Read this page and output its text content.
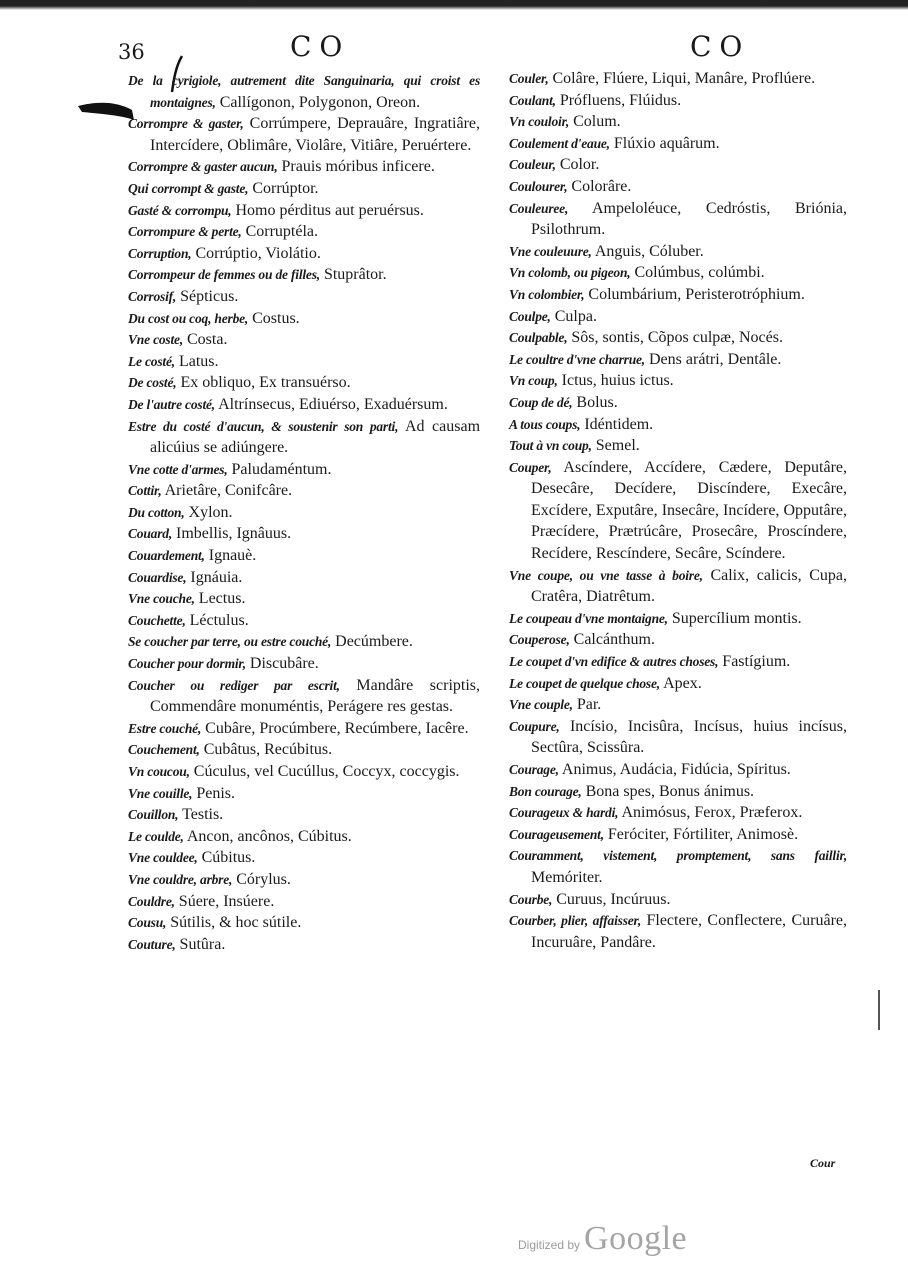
36	CO	CO

De la cyrigiole, autrement dite Sanguinaria, qui croist es montaignes, Callígonon, Polygonon, Oreon.

Corrompre & gaster, Corrúmpere, Deprauâre, Ingratiâre, Intercídere, Oblimâre, Violâre, Vitiâre, Peruértere.

Corrompre & gaster aucun, Prauis móribus inficere.

Qui corrompt & gaste, Corrúptor.

Gasté & corrompu, Homo pérditus aut peruérsus.

Corrompure & perte, Corruptéla.

Corruption, Corrúptio, Violátio.

Corrompeur de femmes ou de filles, Stuprâtor.

Corrosif, Sépticus.

Du cost ou coq, herbe, Costus.

Vne coste, Costa.

Le costé, Latus.

De costé, Ex obliquo, Ex transuérso.

De l'autre costé, Altrínsecus, Ediuérso, Exaduérsum.

Estre du costé d'aucun, & soustenir son parti, Ad causam alicúius se adiúngere.

Vne cotte d'armes, Paludaméntum.

Cottir, Arietâre, Conifcâre.

Du cotton, Xylon.

Couard, Imbellis, Ignâuus.

Couardement, Ignauè.

Couardise, Ignáuia.

Vne couche, Lectus.

Couchette, Léctulus.

Se coucher par terre, ou estre couché, Decúmbere.

Coucher pour dormir, Discubâre.

Coucher ou rediger par escrit, Mandâre scriptis, Commendâre monuméntis, Perágere res gestas.

Estre couché, Cubâre, Procúmbere, Recúmbere, Iacêre.

Couchement, Cubâtus, Recúbitus.

Vn coucou, Cúculus, vel Cucúllus, Coccyx, coccygis.

Vne couille, Penis.

Couillon, Testis.

Le coulde, Ancon, ancônos, Cúbitus.

Vne couldee, Cúbitus.

Vne couldre, arbre, Córylus.

Couldre, Súere, Insúere.

Cousu, Sútilis, & hoc sútile.

Couture, Sutûra.

Couler, Colâre, Flúere, Liqui, Manâre, Proflúere.

Coulant, Prófluens, Flúidus.

Vn couloir, Colum.

Coulement d'eaue, Flúxio aquârum.

Couleur, Color.

Coulourer, Colorâre.

Couleuree, Ampeloléuce, Cedróstis, Briónia, Psilothrum.

Vne couleuure, Anguis, Cóluber.

Vn colomb, ou pigeon, Colúmbus, colúmbi.

Vn colombier, Columbárium, Peristerotróphium.

Coulpe, Culpa.

Coulpable, Sôs, sontis, Cõpos culpæ, Nocés.

Le coultre d'vne charrue, Dens arátri, Dentâle.

Vn coup, Ictus, huius ictus.

Coup de dé, Bolus.

A tous coups, Idéntidem.

Tout à vn coup, Semel.

Couper, Ascíndere, Accídere, Cædere, Deputâre, Desecâre, Decídere, Discíndere, Execâre, Excídere, Exputâre, Insecâre, Incídere, Opputâre, Præcídere, Prætrúcâre, Prosecâre, Proscíndere, Recídere, Rescíndere, Secâre, Scíndere.

Vne coupe, ou vne tasse à boire, Calix, calicis, Cupa, Cratêra, Diatrêtum.

Le coupeau d'vne montaigne, Supercílium montis.

Couperose, Calcánthum.

Le coupet d'vn edifice & autres choses, Fastígium.

Le coupet de quelque chose, Apex.

Vne couple, Par.

Coupure, Incísio, Incisûra, Incísus, huius incísus, Sectûra, Scissûra.

Courage, Animus, Audácia, Fidúcia, Spíritus.

Bon courage, Bona spes, Bonus ánimus.

Courageux & hardi, Animósus, Ferox, Præferox.

Courageusement, Feróciter, Fórtiliter, Animosè.

Couramment, vistement, promptement, sans faillir, Memóriter.

Courbe, Curuus, Incúruus.

Courber, plier, affaisser, Flectere, Conflectere, Curuâre, Incuruâre, Pandâre.

Cour
Digitized by Google
